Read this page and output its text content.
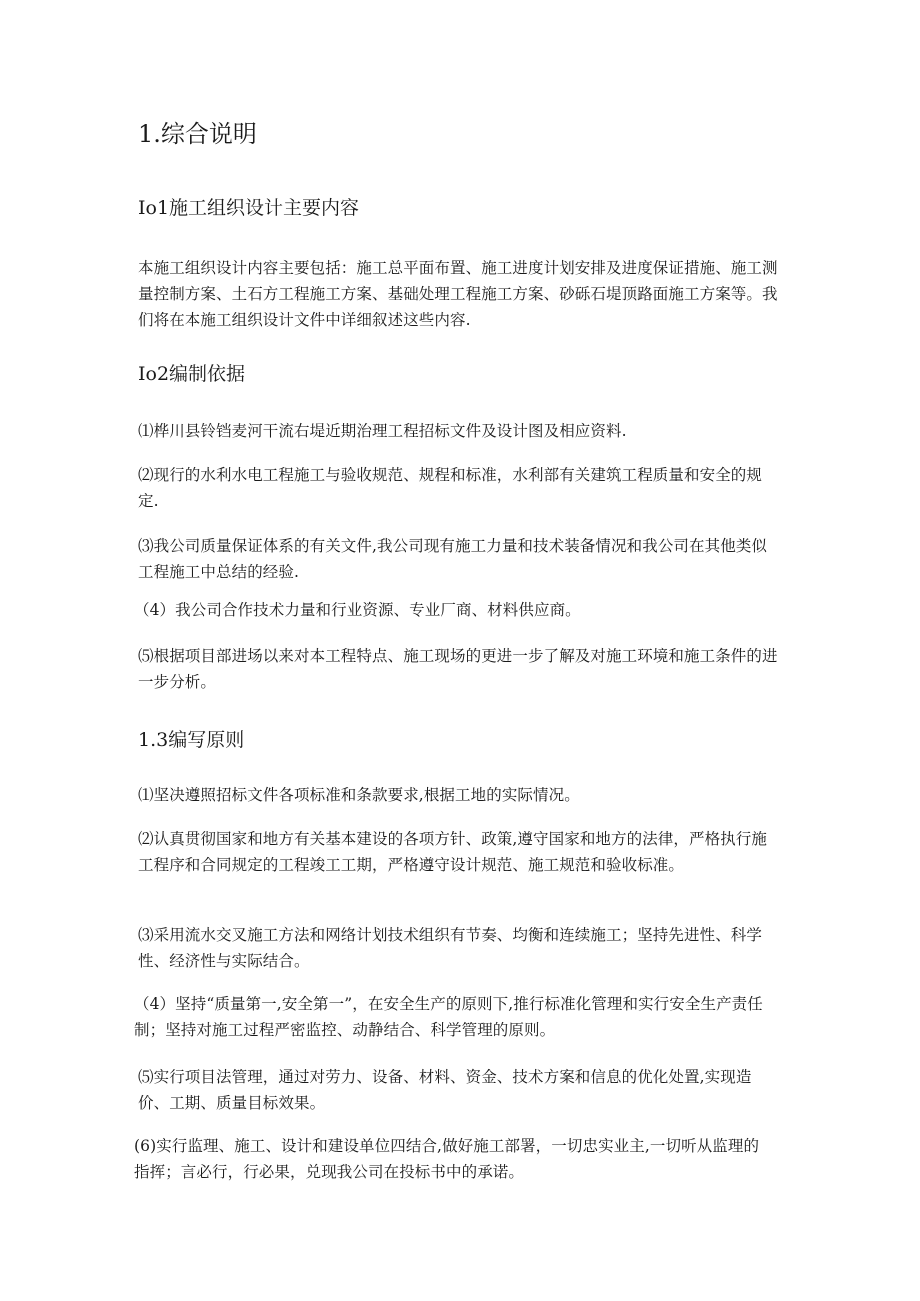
1.综合说明
Io1施工组织设计主要内容

本施工组织设计内容主要包括：施工总平面布置、施工进度计划安排及进度保证措施、施工测量控制方案、土石方工程施工方案、基础处理工程施工方案、砂砾石堤顶路面施工方案等。我们将在本施工组织设计文件中详细叙述这些内容.

Io2编制依据

⑴桦川县铃铛麦河干流右堤近期治理工程招标文件及设计图及相应资料.

⑵现行的水利水电工程施工与验收规范、规程和标准，水利部有关建筑工程质量和安全的规定.

⑶我公司质量保证体系的有关文件,我公司现有施工力量和技术装备情况和我公司在其他类似工程施工中总结的经验.

（4）我公司合作技术力量和行业资源、专业厂商、材料供应商。

⑸根据项目部进场以来对本工程特点、施工现场的更进一步了解及对施工环境和施工条件的进一步分析。

1.3编写原则

⑴坚决遵照招标文件各项标准和条款要求,根据工地的实际情况。

⑵认真贯彻国家和地方有关基本建设的各项方针、政策,遵守国家和地方的法律，严格执行施工程序和合同规定的工程竣工工期，严格遵守设计规范、施工规范和验收标准。

⑶采用流水交叉施工方法和网络计划技术组织有节奏、均衡和连续施工；坚持先进性、科学性、经济性与实际结合。

（4）坚持“质量第一,安全第一”，在安全生产的原则下,推行标准化管理和实行安全生产责任制；坚持对施工过程严密监控、动静结合、科学管理的原则。

⑸实行项目法管理，通过对劳力、设备、材料、资金、技术方案和信息的优化处置,实现造价、工期、质量目标效果。

(6)实行监理、施工、设计和建设单位四结合,做好施工部署，一切忠实业主,一切听从监理的指挥；言必行，行必果，兑现我公司在投标书中的承诺。
